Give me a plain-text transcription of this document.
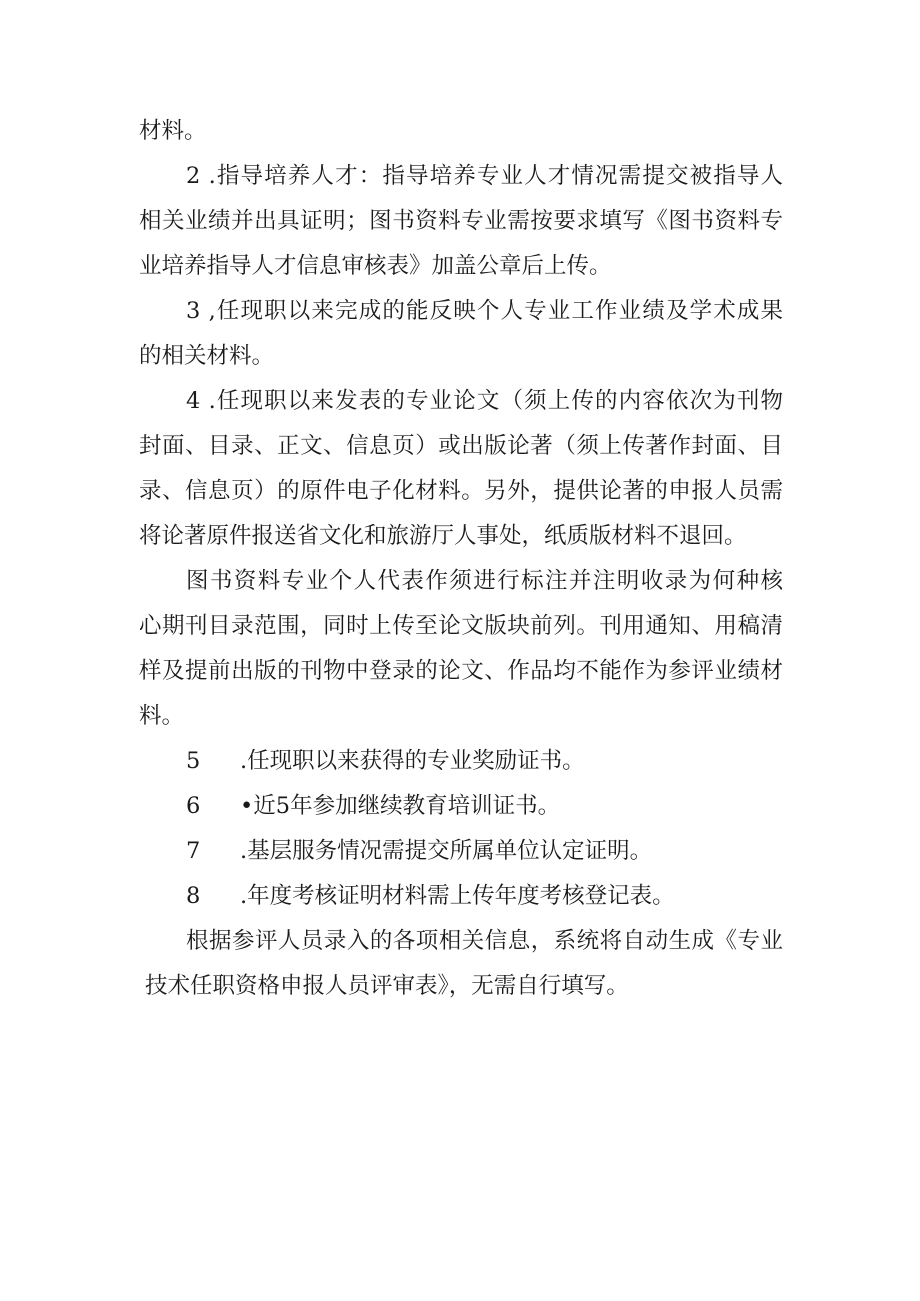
材料。
2 .指导培养人才：指导培养专业人才情况需提交被指导人
相关业绩并出具证明；图书资料专业需按要求填写《图书资料专
业培养指导人才信息审核表》加盖公章后上传。
3 ,任现职以来完成的能反映个人专业工作业绩及学术成果
的相关材料。
4 .任现职以来发表的专业论文（须上传的内容依次为刊物
封面、目录、正文、信息页）或出版论著（须上传著作封面、目
录、信息页）的原件电子化材料。另外，提供论著的申报人员需
将论著原件报送省文化和旅游厅人事处，纸质版材料不退回。
图书资料专业个人代表作须进行标注并注明收录为何种核
心期刊目录范围，同时上传至论文版块前列。刊用通知、用稿清
样及提前出版的刊物中登录的论文、作品均不能作为参评业绩材
料。
5 .任现职以来获得的专业奖励证书。
6 •近5年参加继续教育培训证书。
7 .基层服务情况需提交所属单位认定证明。
8 .年度考核证明材料需上传年度考核登记表。
根据参评人员录入的各项相关信息，系统将自动生成《专业
技术任职资格申报人员评审表》，无需自行填写。
